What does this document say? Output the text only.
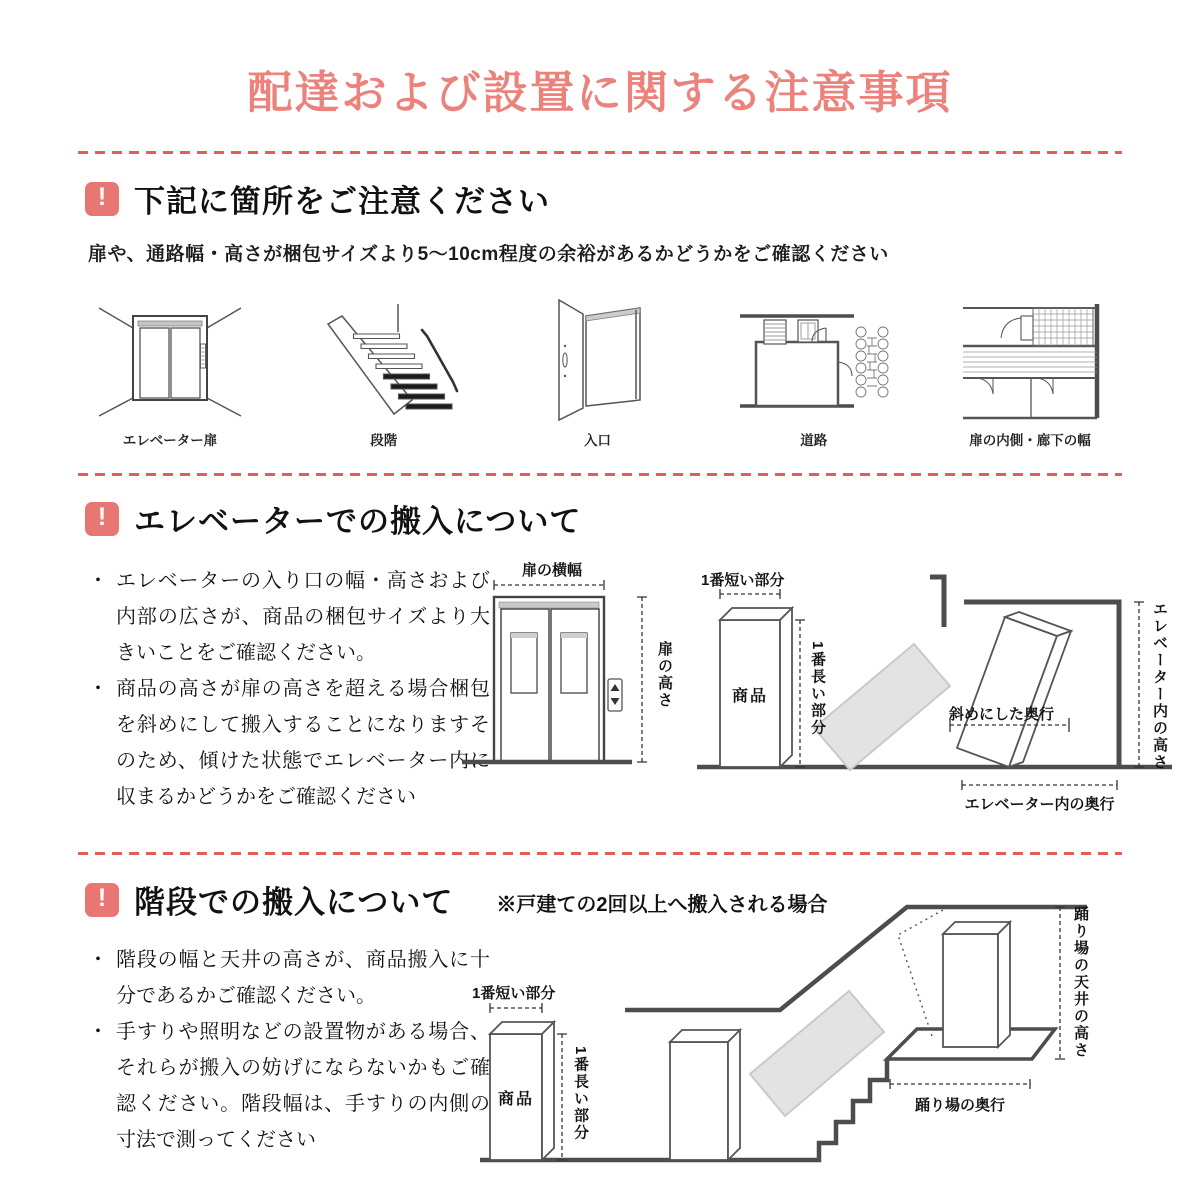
配達および設置に関する注意事項
! 下記に箇所をご注意ください
扉や、通路幅・高さが梱包サイズより5〜10cm程度の余裕があるかどうかをご確認ください
エレベーター扉	段階	入口	道路	扉の内側・廊下の幅
! エレベーターでの搬入について
・ エレベーターの入り口の幅・高さおよび内部の広さが、商品の梱包サイズより大きいことをご確認ください。
・ 商品の高さが扉の高さを超える場合梱包を斜めにして搬入することになりますそのため、傾けた状態でエレベーター内に収まるかどうかをご確認ください
扉の横幅
扉の高さ
1番短い部分
1番長い部分
商品
斜めにした奥行	エレベーター内の高さ
エレベーター内の奥行
! 階段での搬入について ※戸建ての2回以上へ搬入される場合
・ 階段の幅と天井の高さが、商品搬入に十分であるかご確認ください。
・ 手すりや照明などの設置物がある場合、それらが搬入の妨げにならないかもご確認ください。階段幅は、手すりの内側の寸法で測ってください
1番短い部分
1番長い部分
商品
踊り場の天井の高さ
踊り場の奥行
